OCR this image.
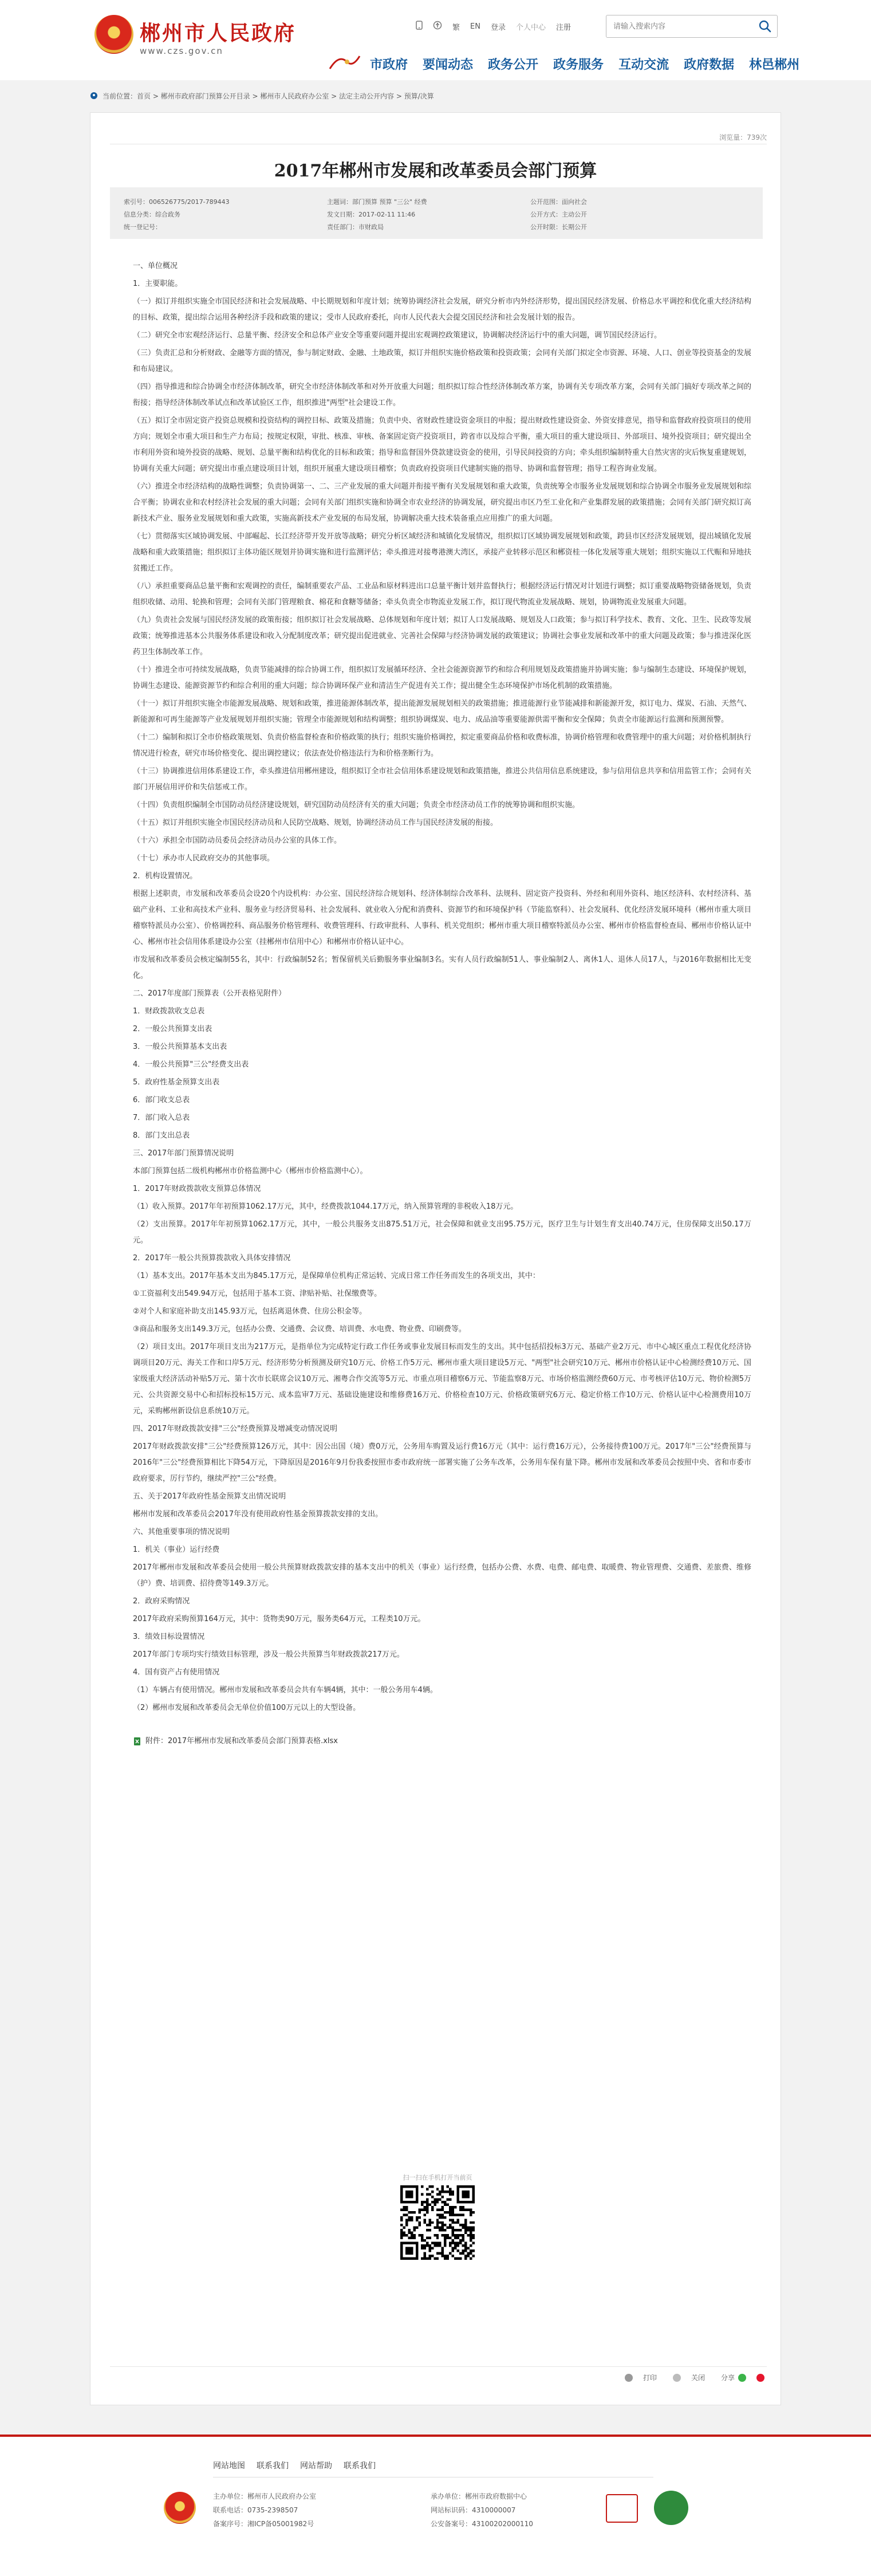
郴州市人民政府
www.czs.gov.cn
繁 EN 登录 个人中心 注册
请输入搜索内容
市政府 要闻动态 政务公开 政务服务 互动交流 政府数据 林邑郴州
当前位置：首页 > 郴州市政府部门预算公开目录 > 郴州市人民政府办公室 > 法定主动公开内容 > 预算/决算
浏览量：739次
2017年郴州市发展和改革委员会部门预算
索引号：006526775/2017-789443	主题词：部门预算 预算 "三公" 经费	公开范围：面向社会
信息分类：综合政务	发文日期：2017-02-11 11:46	公开方式：主动公开
统一登记号：	责任部门：市财政局	公开时限：长期公开

一、单位概况

1．主要职能。

（一）拟订并组织实施全市国民经济和社会发展战略、中长期规划和年度计划；统筹协调经济社会发展，研究分析市内外经济形势，提出国民经济发展、价格总水平调控和优化重大经济结构的目标、政策，提出综合运用各种经济手段和政策的建议；受市人民政府委托，向市人民代表大会提交国民经济和社会发展计划的报告。

（二）研究全市宏观经济运行、总量平衡、经济安全和总体产业安全等重要问题并提出宏观调控政策建议，协调解决经济运行中的重大问题，调节国民经济运行。

（三）负责汇总和分析财政、金融等方面的情况，参与制定财政、金融、土地政策，拟订并组织实施价格政策和投资政策；会同有关部门拟定全市资源、环境、人口、创业等投资基金的发展和布局建议。

（四）指导推进和综合协调全市经济体制改革，研究全市经济体制改革和对外开放重大问题；组织拟订综合性经济体制改革方案，协调有关专项改革方案，会同有关部门搞好专项改革之间的衔接；指导经济体制改革试点和改革试验区工作，组织推进"两型"社会建设工作。

（五）拟订全市固定资产投资总规模和投资结构的调控目标、政策及措施；负责中央、省财政性建设资金项目的申报；提出财政性建设资金、外资安排意见，指导和监督政府投资项目的使用方向；规划全市重大项目和生产力布局；按规定权限，审批、核准、审核、备案固定资产投资项目，跨省市以及综合平衡，重大项目的重大建设项目、外部项目、境外投资项目；研究提出全市利用外资和境外投资的战略、规划、总量平衡和结构优化的目标和政策；指导和监督国外贷款建设资金的使用，引导民间投资的方向；牵头组织编制特重大自然灾害的灾后恢复重建规划，协调有关重大问题；研究提出市重点建设项目计划，组织开展重大建设项目稽察；负责政府投资项目代建制实施的指导、协调和监督管理；指导工程咨询业发展。

（六）推进全市经济结构的战略性调整；负责协调第一、二、三产业发展的重大问题并衔接平衡有关发展规划和重大政策，负责统筹全市服务业发展规划和综合协调全市服务业发展规划和综合平衡；协调农业和农村经济社会发展的重大问题；会同有关部门组织实施和协调全市农业经济的协调发展，研究提出市区乃至工业化和产业集群发展的政策措施；会同有关部门研究拟订高新技术产业、服务业发展规划和重大政策，实施高新技术产业发展的布局发展，协调解决重大技术装备重点应用推广的重大问题。

（七）贯彻落实区域协调发展、中部崛起、长江经济带开发开放等战略；研究分析区域经济和城镇化发展情况，组织拟订区域协调发展规划和政策，跨县市区经济发展规划，提出城镇化发展战略和重大政策措施；组织拟订主体功能区规划并协调实施和进行监测评估；牵头推进对接粤港澳大湾区，承接产业转移示范区和郴资桂一体化发展等重大规划；组织实施以工代赈和异地扶贫搬迁工作。

（八）承担重要商品总量平衡和宏观调控的责任，编制重要农产品、工业品和原材料进出口总量平衡计划并监督执行；根据经济运行情况对计划进行调整；拟订重要战略物资储备规划，负责组织收储、动用、轮换和管理；会同有关部门管理粮食、棉花和食糖等储备；牵头负责全市物流业发展工作，拟订现代物流业发展战略、规划，协调物流业发展重大问题。

（九）负责社会发展与国民经济发展的政策衔接；组织拟订社会发展战略、总体规划和年度计划；拟订人口发展战略、规划及人口政策；参与拟订科学技术、教育、文化、卫生、民政等发展政策；统筹推进基本公共服务体系建设和收入分配制度改革；研究提出促进就业、完善社会保障与经济协调发展的政策建议；协调社会事业发展和改革中的重大问题及政策；参与推进深化医药卫生体制改革工作。

（十）推进全市可持续发展战略，负责节能减排的综合协调工作，组织拟订发展循环经济、全社会能源资源节约和综合利用规划及政策措施并协调实施；参与编制生态建设、环境保护规划，协调生态建设、能源资源节约和综合利用的重大问题；综合协调环保产业和清洁生产促进有关工作；提出健全生态环境保护市场化机制的政策措施。

（十一）拟订并组织实施全市能源发展战略、规划和政策，推进能源体制改革，提出能源发展规划相关的政策措施；推进能源行业节能减排和新能源开发，拟订电力、煤炭、石油、天然气、新能源和可再生能源等产业发展规划并组织实施；管理全市能源规划和结构调整；组织协调煤炭、电力、成品油等重要能源供需平衡和安全保障；负责全市能源运行监测和预测预警。

（十二）编制和拟订全市价格政策规划、负责价格监督检查和价格政策的执行；组织实施价格调控，拟定重要商品价格和收费标准，协调价格管理和收费管理中的重大问题；对价格机制执行情况进行检查，研究市场价格变化、提出调控建议；依法查处价格违法行为和价格垄断行为。

（十三）协调推进信用体系建设工作，牵头推进信用郴州建设，组织拟订全市社会信用体系建设规划和政策措施，推进公共信用信息系统建设，参与信用信息共享和信用监管工作；会同有关部门开展信用评价和失信惩戒工作。

（十四）负责组织编制全市国防动员经济建设规划，研究国防动员经济有关的重大问题；负责全市经济动员工作的统筹协调和组织实施。

（十五）拟订并组织实施全市国民经济动员和人民防空战略、规划，协调经济动员工作与国民经济发展的衔接。

（十六）承担全市国防动员委员会经济动员办公室的具体工作。

（十七）承办市人民政府交办的其他事项。

2．机构设置情况。

根据上述职责，市发展和改革委员会设20个内设机构：办公室、国民经济综合规划科、经济体制综合改革科、法规科、固定资产投资科、外经和利用外资科、地区经济科、农村经济科、基础产业科、工业和高技术产业科、服务业与经济贸易科、社会发展科、就业收入分配和消费科、资源节约和环境保护科（节能监察科）、社会发展科、优化经济发展环境科（郴州市重大项目稽察特派员办公室）、价格调控科、商品服务价格管理科、收费管理科、行政审批科、人事科、机关党组织；郴州市重大项目稽察特派员办公室、郴州市价格监督检查局、郴州市价格认证中心、郴州市社会信用体系建设办公室（挂郴州市信用中心）和郴州市价格认证中心。

市发展和改革委员会核定编制55名，其中：行政编制52名；暂保留机关后勤服务事业编制3名。实有人员行政编制51人、事业编制2人、离休1人、退休人员17人，与2016年数据相比无变化。

二、2017年度部门预算表（公开表格见附件）

1．财政拨款收支总表

2．一般公共预算支出表

3．一般公共预算基本支出表

4．一般公共预算"三公"经费支出表

5．政府性基金预算支出表

6．部门收支总表

7．部门收入总表

8．部门支出总表

三、2017年部门预算情况说明

本部门预算包括二级机构郴州市价格监测中心（郴州市价格监测中心）。

1．2017年财政拨款收支预算总体情况

（1）收入预算。2017年年初预算1062.17万元，其中，经费拨款1044.17万元，纳入预算管理的非税收入18万元。

（2）支出预算。2017年年初预算1062.17万元，其中，一般公共服务支出875.51万元，社会保障和就业支出95.75万元，医疗卫生与计划生育支出40.74万元，住房保障支出50.17万元。

2．2017年一般公共预算拨款收入具体安排情况

（1）基本支出。2017年基本支出为845.17万元，是保障单位机构正常运转、完成日常工作任务而发生的各项支出，其中：

①工资福利支出549.94万元，包括用于基本工资、津贴补贴、社保缴费等。

②对个人和家庭补助支出145.93万元，包括离退休费、住房公积金等。

③商品和服务支出149.3万元，包括办公费、交通费、会议费、培训费、水电费、物业费、印刷费等。

（2）项目支出。2017年项目支出为217万元，是指单位为完成特定行政工作任务或事业发展目标而发生的支出。其中包括招投标3万元、基础产业2万元、市中心城区重点工程优化经济协调项目20万元、海关工作和口岸5万元、经济形势分析预测及研究10万元、价格工作5万元、郴州市重大项目建设5万元、"两型"社会研究10万元、郴州市价格认证中心检测经费10万元、国家级重大经济活动补贴5万元、第十次市长联席会议10万元、湘粤合作交流等5万元、市重点项目稽察6万元、节能监察8万元、市场价格监测经费60万元、市考核评估10万元、物价检测5万元、公共资源交易中心和招标投标15万元、成本监审7万元、基础设施建设和维修费16万元、价格检查10万元、价格政策研究6万元、稳定价格工作10万元、价格认证中心检测费用10万元，采购郴州新设信息系统10万元。

四、2017年财政拨款安排"三公"经费预算及增减变动情况说明

2017年财政拨款安排"三公"经费预算126万元，其中：因公出国（境）费0万元，公务用车购置及运行费16万元（其中：运行费16万元），公务接待费100万元。2017年"三公"经费预算与2016年"三公"经费预算相比下降54万元，下降原因是2016年9月份我委按照市委市政府统一部署实施了公务车改革，公务用车保有量下降。郴州市发展和改革委员会按照中央、省和市委市政府要求，厉行节约，继续严控"三公"经费。

五、关于2017年政府性基金预算支出情况说明

郴州市发展和改革委员会2017年没有使用政府性基金预算拨款安排的支出。

六、其他重要事项的情况说明

1．机关（事业）运行经费

2017年郴州市发展和改革委员会使用一般公共预算财政拨款安排的基本支出中的机关（事业）运行经费，包括办公费、水费、电费、邮电费、取暖费、物业管理费、交通费、差旅费、维修（护）费、培训费、招待费等149.3万元。

2．政府采购情况

2017年政府采购预算164万元，其中：货物类90万元，服务类64万元，工程类10万元。

3．绩效目标设置情况

2017年部门专项均实行绩效目标管理，涉及一般公共预算当年财政拨款217万元。

4．国有资产占有使用情况

（1）车辆占有使用情况。郴州市发展和改革委员会共有车辆4辆，其中：一般公务用车4辆。

（2）郴州市发展和改革委员会无单位价值100万元以上的大型设备。

附件：2017年郴州市发展和改革委员会部门预算表格.xlsx
扫一扫在手机打开当前页
打印	关闭 分享
网站地图 联系我们 网站帮助 联系我们
主办单位：郴州市人民政府办公室	承办单位：郴州市政府数据中心
联系电话：0735-2398507	网站标识码：4310000007
备案序号：湘ICP备05001982号	公安备案号：43100202000110
